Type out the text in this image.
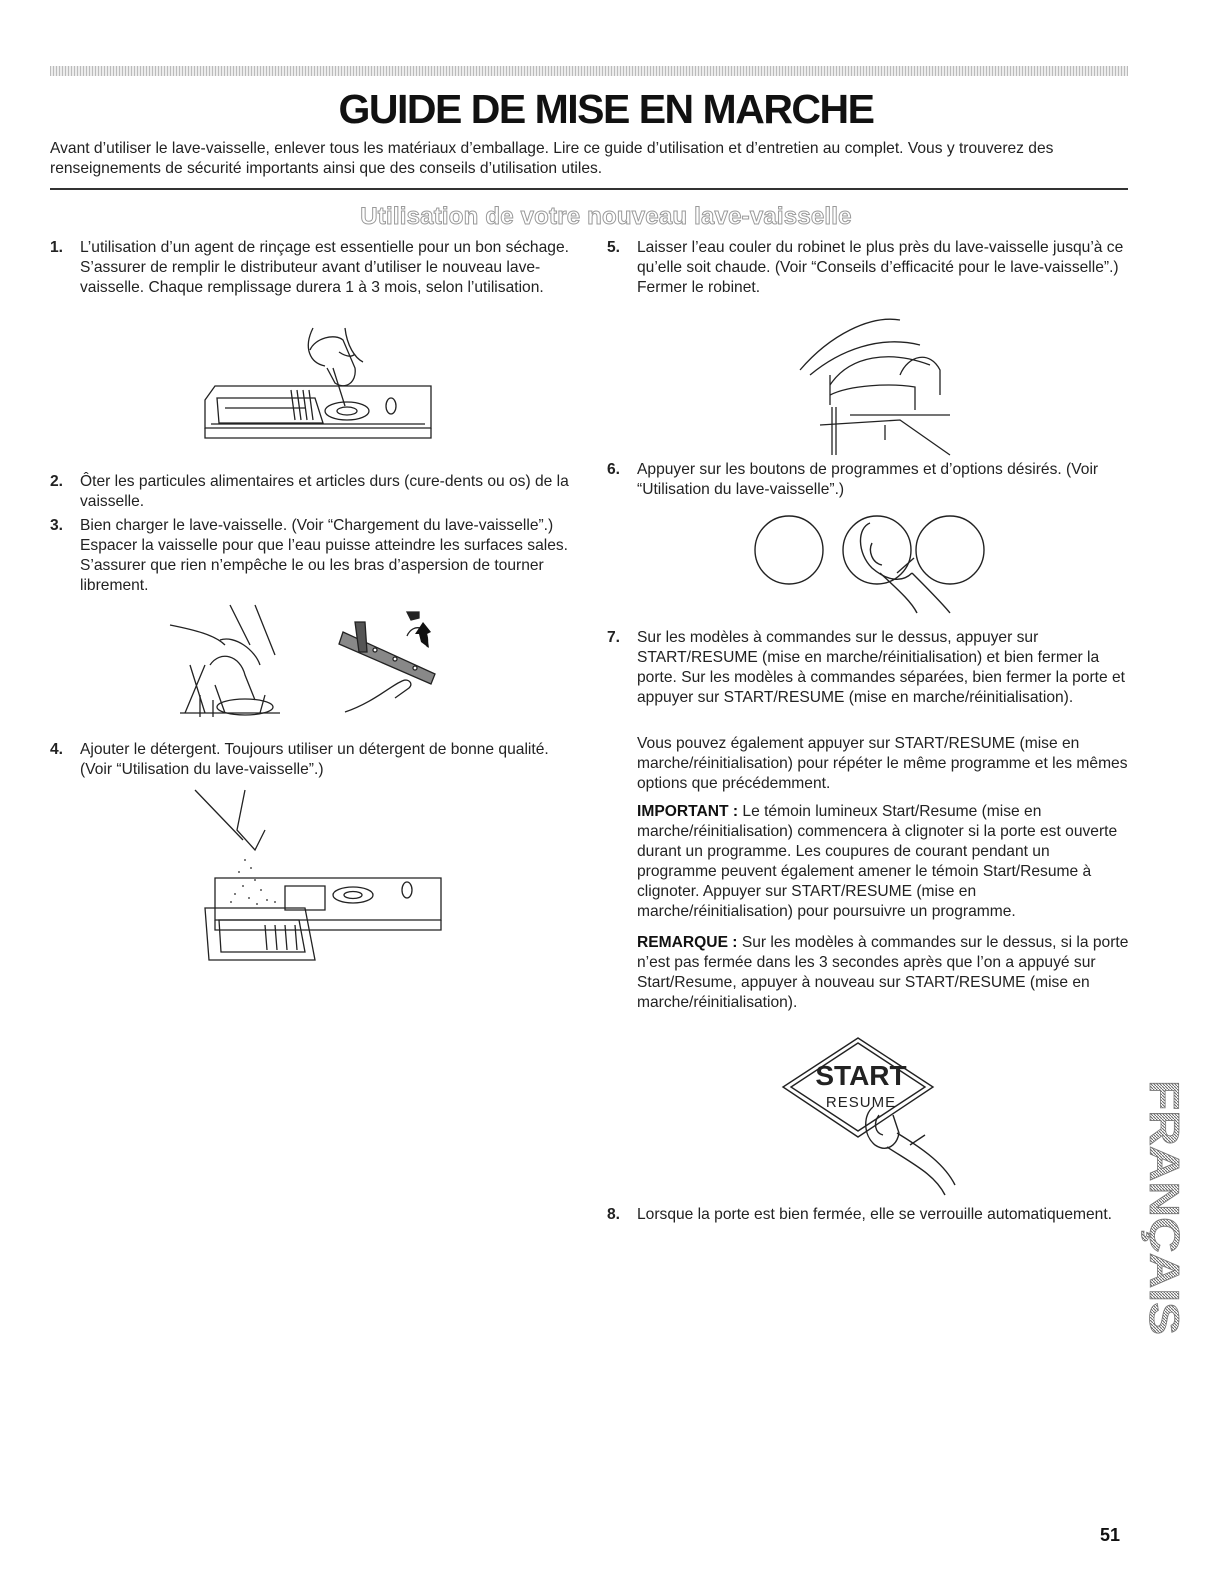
GUIDE DE MISE EN MARCHE

Avant d’utiliser le lave-vaisselle, enlever tous les matériaux d’emballage. Lire ce guide d’utilisation et d’entretien au complet. Vous y trouverez des renseignements de sécurité importants ainsi que des conseils d’utilisation utiles.

Utilisation de votre nouveau lave-vaisselle
1. L’utilisation d’un agent de rinçage est essentielle pour un bon séchage. S’assurer de remplir le distributeur avant d’utiliser le nouveau lave-vaisselle. Chaque remplissage durera 1 à 3 mois, selon l’utilisation.
2. Ôter les particules alimentaires et articles durs (cure-dents ou os) de la vaisselle.
3. Bien charger le lave-vaisselle. (Voir “Chargement du lave-vaisselle”.) Espacer la vaisselle pour que l’eau puisse atteindre les surfaces sales. S’assurer que rien n’empêche le ou les bras d’aspersion de tourner librement.
4. Ajouter le détergent. Toujours utiliser un détergent de bonne qualité. (Voir “Utilisation du lave-vaisselle”.)
5. Laisser l’eau couler du robinet le plus près du lave-vaisselle jusqu’à ce qu’elle soit chaude. (Voir “Conseils d’efficacité pour le lave-vaisselle”.) Fermer le robinet.
6. Appuyer sur les boutons de programmes et d’options désirés. (Voir “Utilisation du lave-vaisselle”.)
7. Sur les modèles à commandes sur le dessus, appuyer sur START/RESUME (mise en marche/réinitialisation) et bien fermer la porte. Sur les modèles à commandes séparées, bien fermer la porte et appuyer sur START/RESUME (mise en marche/réinitialisation).

Vous pouvez également appuyer sur START/RESUME (mise en marche/réinitialisation) pour répéter le même programme et les mêmes options que précédemment.

IMPORTANT : Le témoin lumineux Start/Resume (mise en marche/réinitialisation) commencera à clignoter si la porte est ouverte durant un programme. Les coupures de courant pendant un programme peuvent également amener le témoin Start/Resume à clignoter. Appuyer sur START/RESUME (mise en marche/réinitialisation) pour poursuivre un programme.

REMARQUE : Sur les modèles à commandes sur le dessus, si la porte n’est pas fermée dans les 3 secondes après que l’on a appuyé sur Start/Resume, appuyer à nouveau sur START/RESUME (mise en marche/réinitialisation).

START
RESUME
8. Lorsque la porte est bien fermée, elle se verrouille automatiquement. FRANÇAIS
51
